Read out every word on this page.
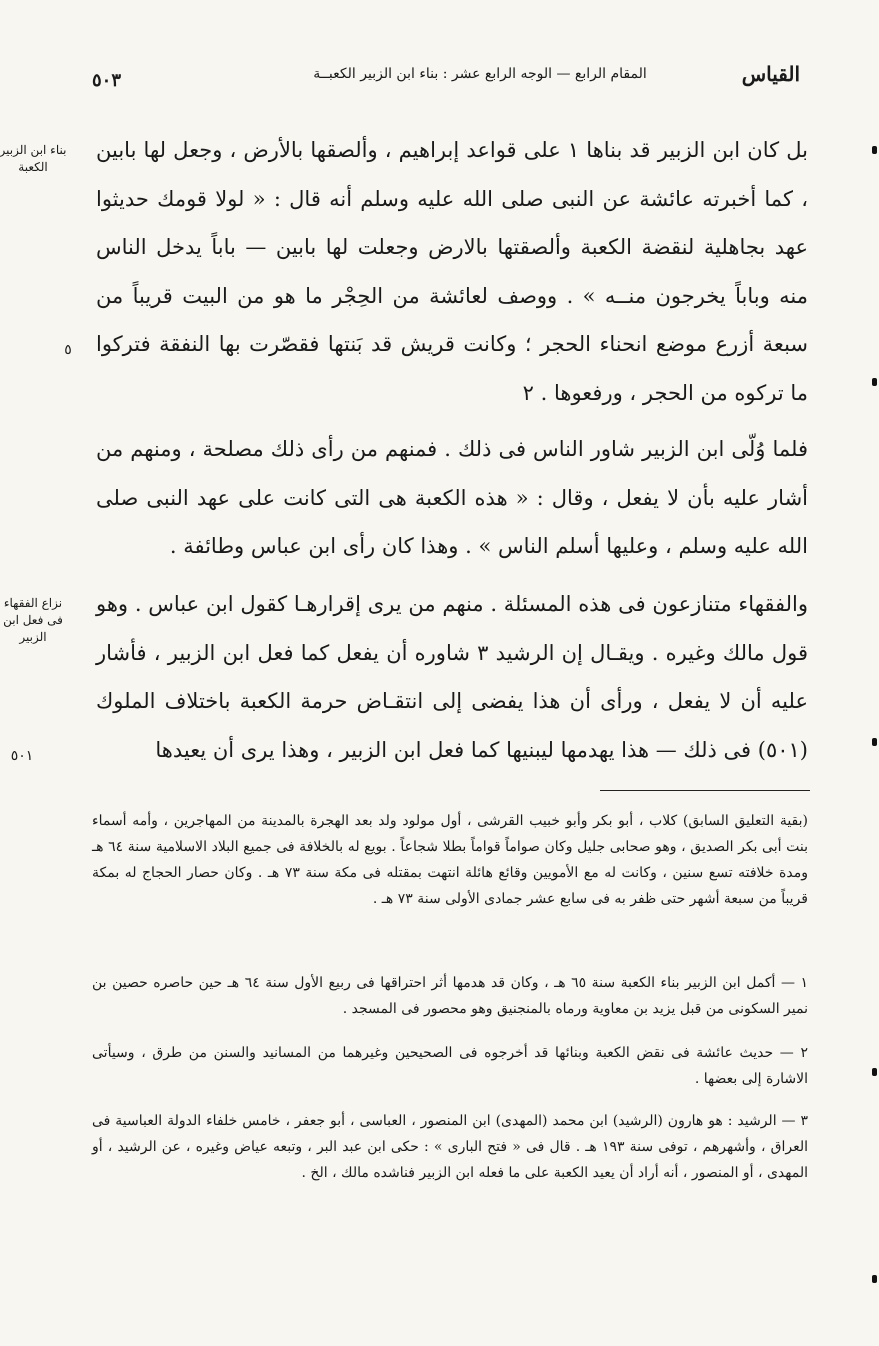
القياس
المقام الرابع — الوجه الرابع عشر : بناء ابن الزبير الكعبــة
٥٠٣
بناء ابن الزبير الكعبة
٥
نزاع الفقهاء فى فعل ابن الزبير
٥٠١

بل كان ابن الزبير قد بناها ١ على قواعد إبراهيم ، وألصقها بالأرض ، وجعل لها بابين ، كما أخبرته عائشة عن النبى صلى الله عليه وسلم أنه قال : « لولا قومك حديثوا عهد بجاهلية لنقضة الكعبة وألصقتها بالارض وجعلت لها بابين — باباً يدخل الناس منه وباباً يخرجون منــه » . ووصف لعائشة من الحِجْر ما هو من البيت قريباً من سبعة أزرع موضع انحناء الحجر ؛ وكانت قريش قد بَنتها فقصّرت بها النفقة فتركوا ما تركوه من الحجر ، ورفعوها . ٢

فلما وُلّى ابن الزبير شاور الناس فى ذلك . فمنهم من رأى ذلك مصلحة ، ومنهم من أشار عليه بأن لا يفعل ، وقال : « هذه الكعبة هى التى كانت على عهد النبى صلى الله عليه وسلم ، وعليها أسلم الناس » . وهذا كان رأى ابن عباس وطائفة .

والفقهاء متنازعون فى هذه المسئلة . منهم من يرى إقرارهـا كقول ابن عباس . وهو قول مالك وغيره . ويقـال إن الرشيد ٣ شاوره أن يفعل كما فعل ابن الزبير ، فأشار عليه أن لا يفعل ، ورأى أن هذا يفضى إلى انتقـاض حرمة الكعبة باختلاف الملوك (٥٠١) فى ذلك — هذا يهدمها ليبنيها كما فعل ابن الزبير ، وهذا يرى أن يعيدها

(بقية التعليق السابق) كلاب ، أبو بكر وأبو خبيب القرشى ، أول مولود ولد بعد الهجرة بالمدينة من المهاجرين ، وأمه أسماء بنت أبى بكر الصديق ، وهو صحابى جليل وكان صواماً قواماً بطلا شجاعاً . بويع له بالخلافة فى جميع البلاد الاسلامية سنة ٦٤ هـ ومدة خلافته تسع سنين ، وكانت له مع الأمويين وقائع هائلة انتهت بمقتله فى مكة سنة ٧٣ هـ . وكان حصار الحجاج له بمكة قريباً من سبعة أشهر حتى ظفر به فى سابع عشر جمادى الأولى سنة ٧٣ هـ .
١ — أكمل ابن الزبير بناء الكعبة سنة ٦٥ هـ ، وكان قد هدمها أثر احتراقها فى ربيع الأول سنة ٦٤ هـ حين حاصره حصين بن نمير السكونى من قبل يزيد بن معاوية ورماه بالمنجنيق وهو محصور فى المسجد .
٢ — حديث عائشة فى نقض الكعبة وبنائها قد أخرجوه فى الصحيحين وغيرهما من المسانيد والسنن من طرق ، وسيأتى الاشارة إلى بعضها .
٣ — الرشيد : هو هارون (الرشيد) ابن محمد (المهدى) ابن المنصور ، العباسى ، أبو جعفر ، خامس خلفاء الدولة العباسية فى العراق ، وأشهرهم ، توفى سنة ١٩٣ هـ . قال فى « فتح البارى » : حكى ابن عبد البر ، وتبعه عياض وغيره ، عن الرشيد ، أو المهدى ، أو المنصور ، أنه أراد أن يعيد الكعبة على ما فعله ابن الزبير فناشده مالك ، الخ .
